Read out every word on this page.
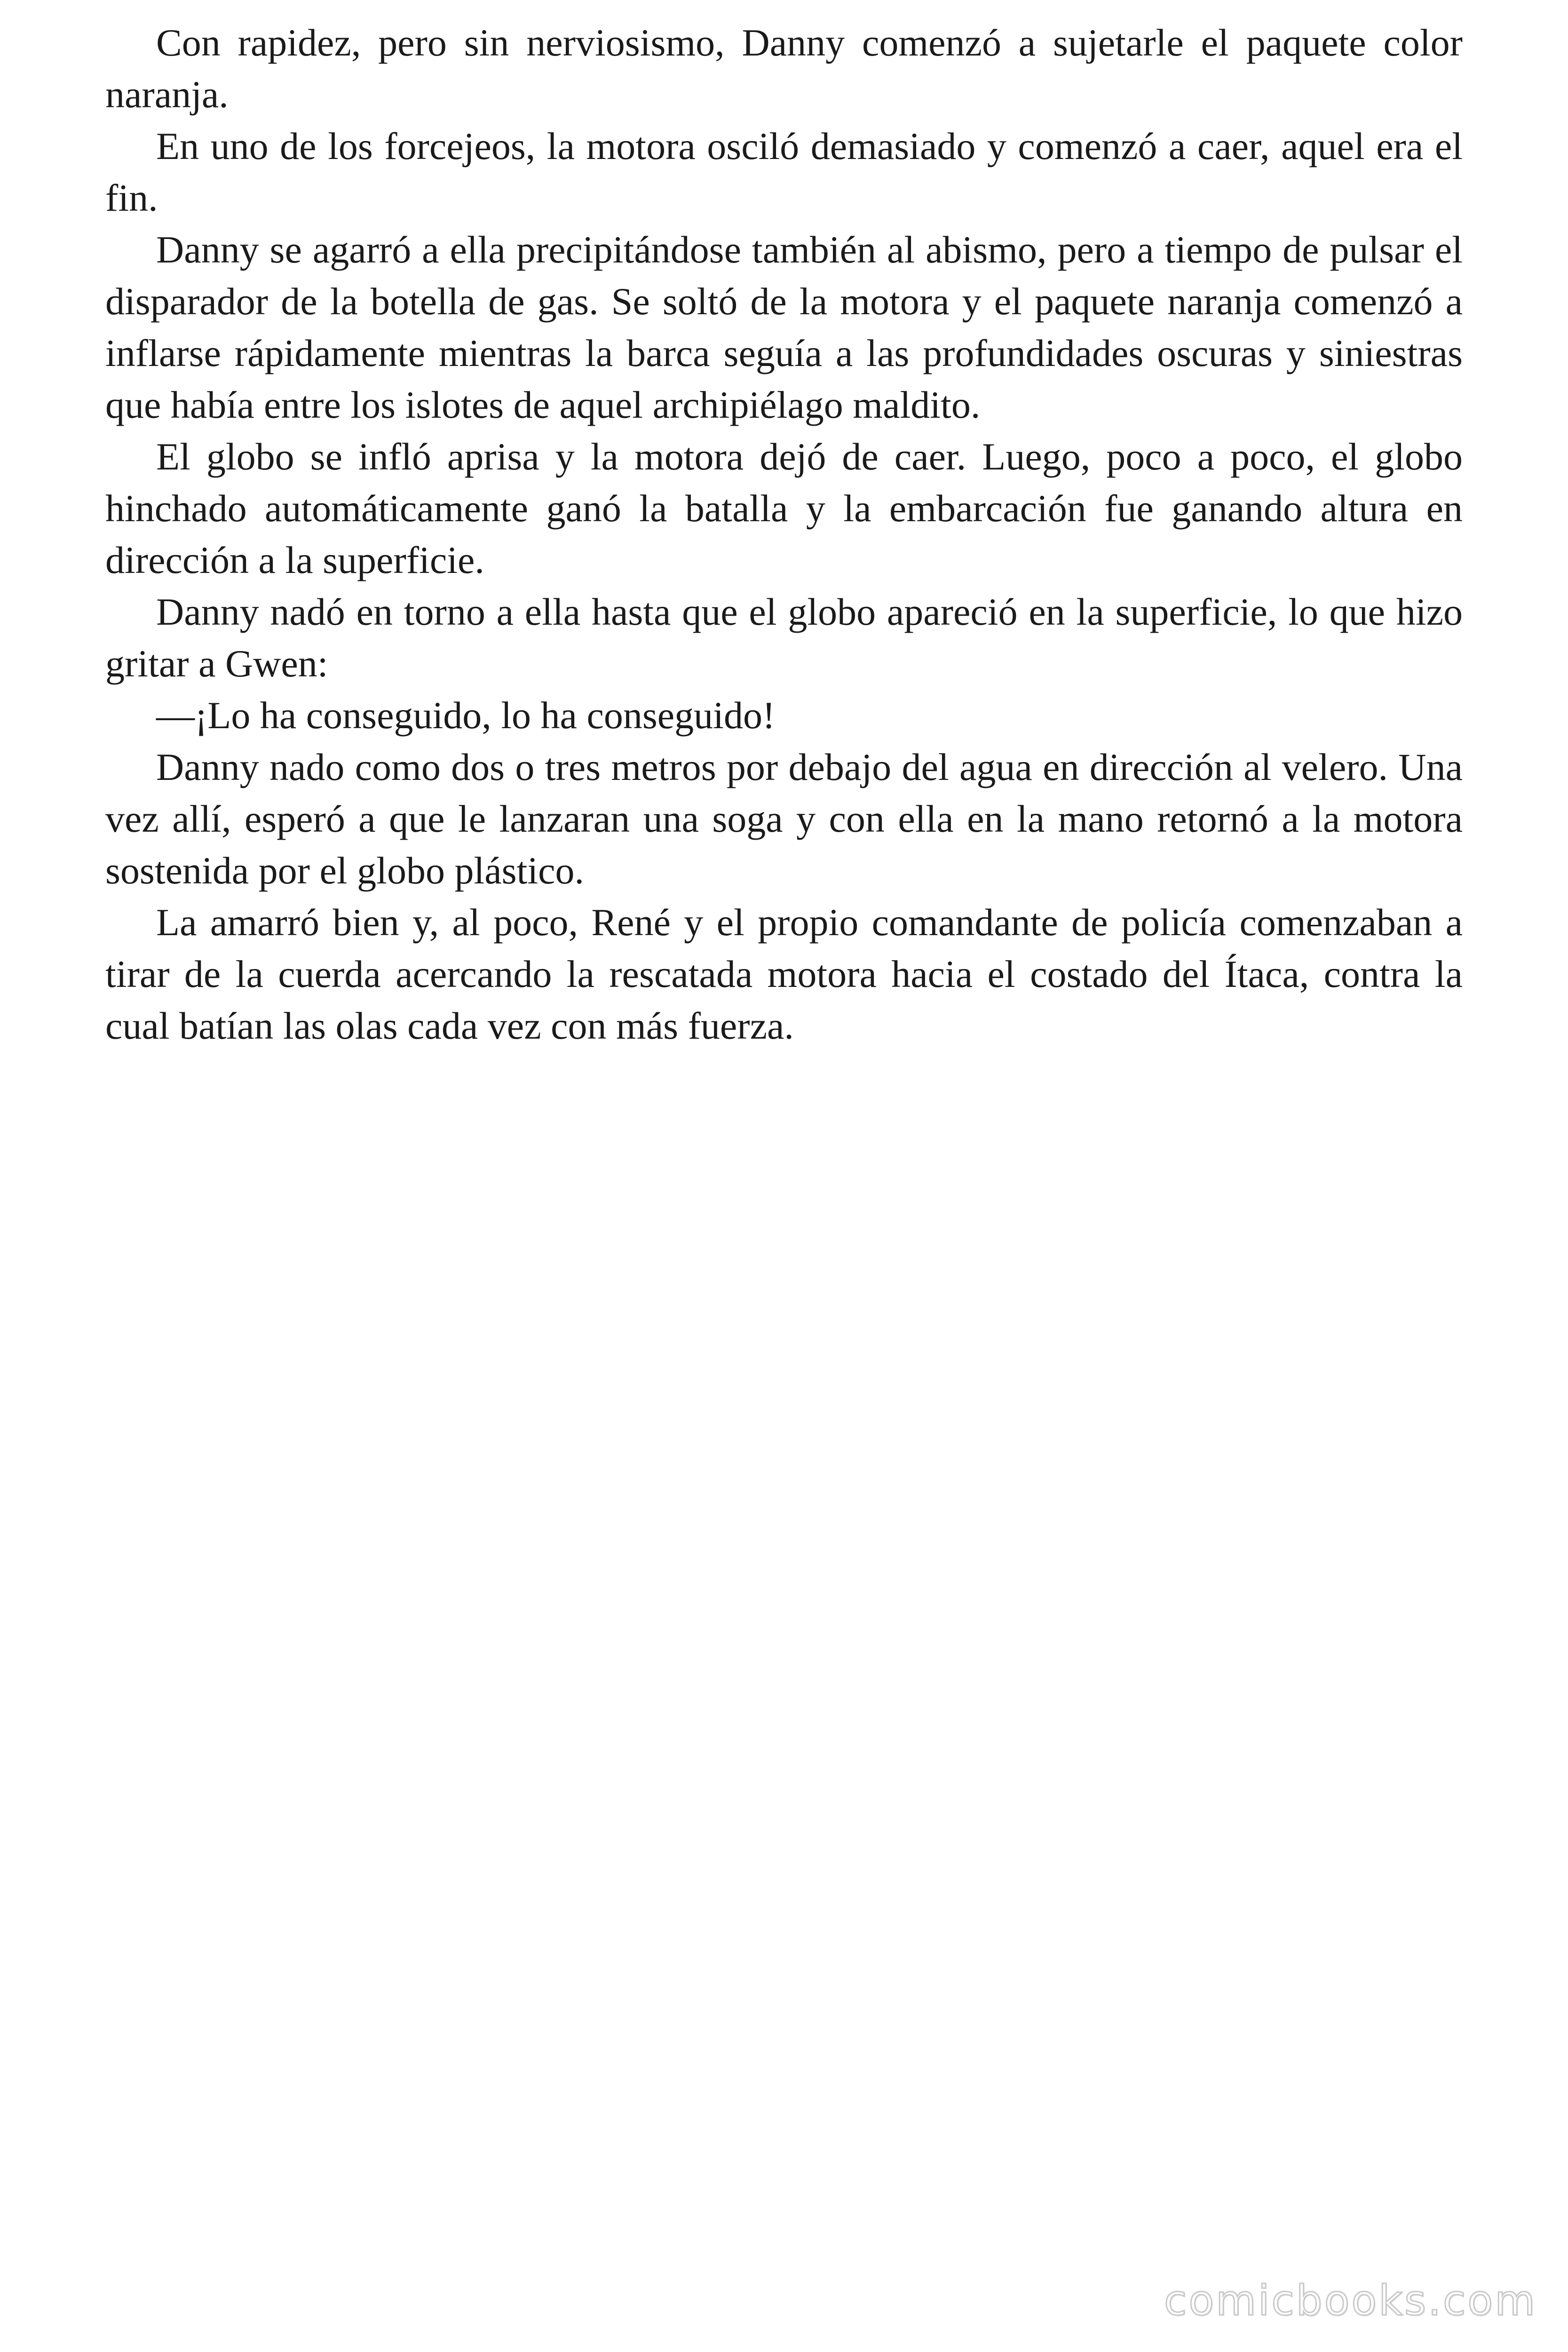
Con rapidez, pero sin nerviosismo, Danny comenzó a sujetarle el paquete color naranja.

En uno de los forcejeos, la motora osciló demasiado y comenzó a caer, aquel era el fin.

Danny se agarró a ella precipitándose también al abismo, pero a tiempo de pulsar el disparador de la botella de gas. Se soltó de la motora y el paquete naranja comenzó a inflarse rápidamente mientras la barca seguía a las profundidades oscuras y siniestras que había entre los islotes de aquel archipiélago maldito.

El globo se infló aprisa y la motora dejó de caer. Luego, poco a poco, el globo hinchado automáticamente ganó la batalla y la embarcación fue ganando altura en dirección a la superficie.

Danny nadó en torno a ella hasta que el globo apareció en la superficie, lo que hizo gritar a Gwen:

—¡Lo ha conseguido, lo ha conseguido!

Danny nado como dos o tres metros por debajo del agua en dirección al velero. Una vez allí, esperó a que le lanzaran una soga y con ella en la mano retornó a la motora sostenida por el globo plástico.

La amarró bien y, al poco, René y el propio comandante de policía comenzaban a tirar de la cuerda acercando la rescatada motora hacia el costado del Ítaca, contra la cual batían las olas cada vez con más fuerza.

comicbooks.com
